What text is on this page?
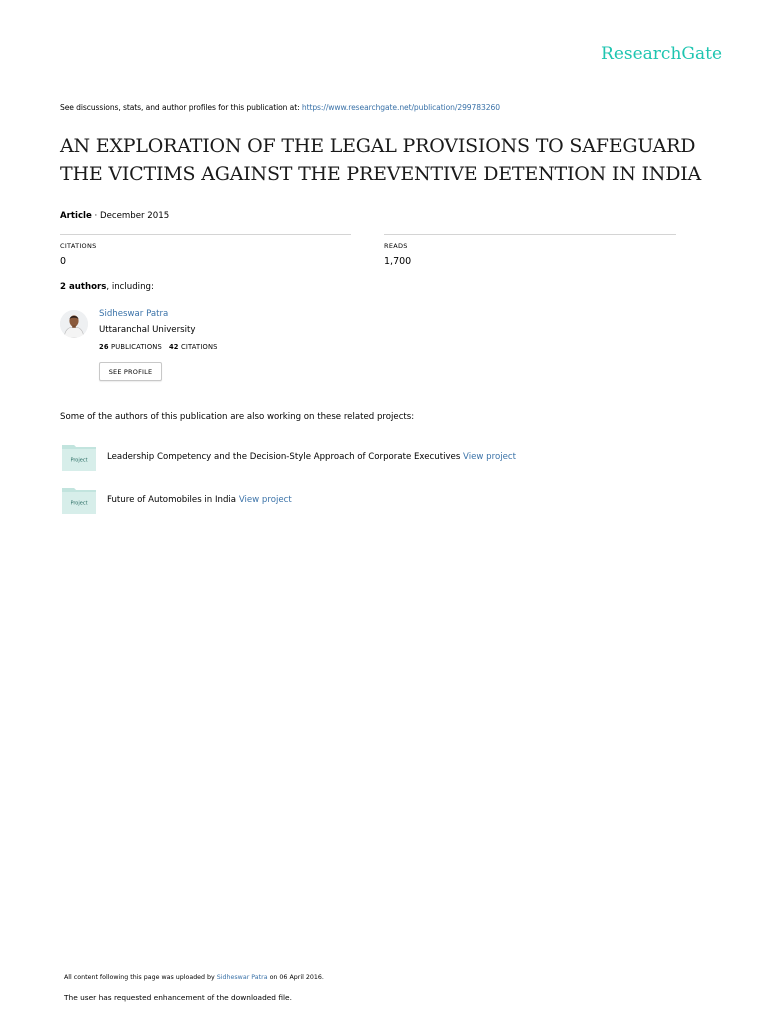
ResearchGate
See discussions, stats, and author profiles for this publication at: https://www.researchgate.net/publication/299783260
AN EXPLORATION OF THE LEGAL PROVISIONS TO SAFEGUARD
THE VICTIMS AGAINST THE PREVENTIVE DETENTION IN INDIA
Article · December 2015
CITATIONS
0
READS
1,700
2 authors, including:
Sidheswar Patra
Uttaranchal University
26 PUBLICATIONS 42 CITATIONS
SEE PROFILE
Some of the authors of this publication are also working on these related projects:
Project Leadership Competency and the Decision-Style Approach of Corporate Executives View project
Project Future of Automobiles in India View project
All content following this page was uploaded by Sidheswar Patra on 06 April 2016.
The user has requested enhancement of the downloaded file.
